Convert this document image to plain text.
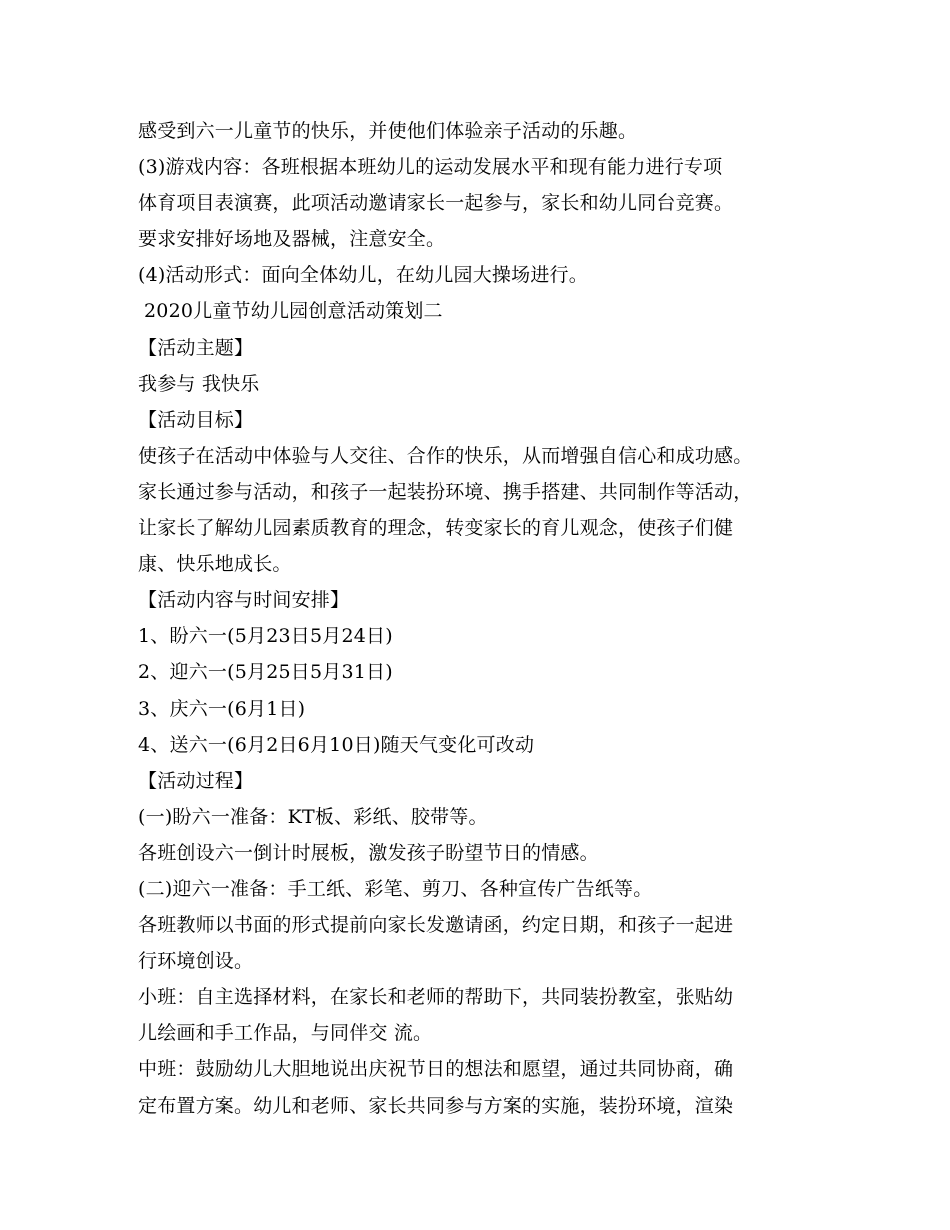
感受到六一儿童节的快乐，并使他们体验亲子活动的乐趣。
(3)游戏内容：各班根据本班幼儿的运动发展水平和现有能力进行专项
体育项目表演赛，此项活动邀请家长一起参与，家长和幼儿同台竞赛。
要求安排好场地及器械，注意安全。
(4)活动形式：面向全体幼儿，在幼儿园大操场进行。
2020儿童节幼儿园创意活动策划二
【活动主题】
我参与 我快乐
【活动目标】
使孩子在活动中体验与人交往、合作的快乐，从而增强自信心和成功感。
家长通过参与活动，和孩子一起装扮环境、携手搭建、共同制作等活动，
让家长了解幼儿园素质教育的理念，转变家长的育儿观念，使孩子们健
康、快乐地成长。
【活动内容与时间安排】
1、盼六一(5月23日5月24日)
2、迎六一(5月25日5月31日)
3、庆六一(6月1日)
4、送六一(6月2日6月10日)随天气变化可改动
【活动过程】
(一)盼六一准备：KT板、彩纸、胶带等。
各班创设六一倒计时展板，激发孩子盼望节日的情感。
(二)迎六一准备：手工纸、彩笔、剪刀、各种宣传广告纸等。
各班教师以书面的形式提前向家长发邀请函，约定日期，和孩子一起进
行环境创设。
小班：自主选择材料，在家长和老师的帮助下，共同装扮教室，张贴幼
儿绘画和手工作品，与同伴交 流。
中班：鼓励幼儿大胆地说出庆祝节日的想法和愿望，通过共同协商，确
定布置方案。幼儿和老师、家长共同参与方案的实施，装扮环境，渲染
